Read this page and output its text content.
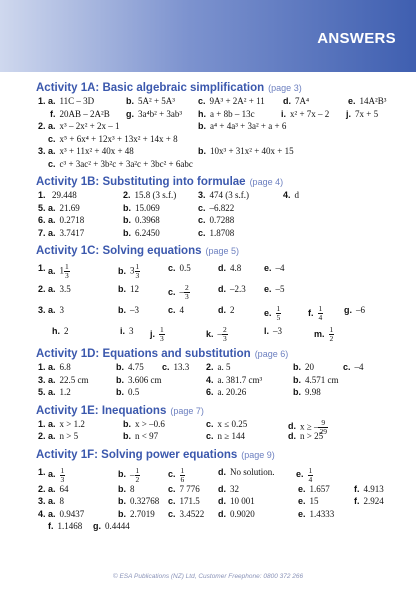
ANSWERS
Activity 1A: Basic algebraic simplification (page 3)
1. a. 11C – 3D	b. 5A² + 5A³	c. 9A³ + 2A² + 11 d. 7A⁴	e. 14A²B³
f. 20AB – 2A²B g. 3a⁴b² + 3ab³ h. a + 8b – 13c	i. x² + 7x – 2 j. 7x + 5
2. a. x³ – 2x² + 2x – 1	b. a⁴ + 4a³ + 3a² + a + 6
c. x⁵ + 6x⁴ + 12x³ + 13x² + 14x + 8
3. a. x³ + 11x² + 40x + 48	b. 10x³ + 31x² + 40x + 15
c. c³ + 3ac² + 3b²c + 3a²c + 3bc² + 6abc
Activity 1B: Substituting into formulae (page 4)
1. 29.448	2. 15.8 (3 s.f.) 3. 474 (3 s.f.)	4. d
5. a. 21.69	b. 15.069	c. –6.822
6. a. 0.2718	b. 0.3968	c. 0.7288
7. a. 3.7417	b. 6.2450	c. 1.8708
Activity 1C: Solving equations (page 5)
1. a. $1 \frac{1}{3}$	b. $3 \frac{1}{3}$	c. 0.5	d. 4.8	e. –4
2. a. 3.5	b. 12	c. – $\frac{2}{3}$	d. –2.3 e. –5
3. a. 3	b. –3	c. 4	d. 2	e. $\frac{1}{5}$	f. $\frac{1}{4} g$. –6
h. 2	i. 3 j. $\frac{1}{3}$	k. – $\frac{2}{3}$	l. –3	m. $\frac{1}{2}$
Activity 1D: Equations and substitution (page 6)
1. a. 6.8	b. 4.75 c. 13.3 2. a. 5	b. 20	c. –4
3. a. 22.5 cm	b. 3.606 cm	4. a. 381.7 cm³	b. 4.571 cm
5. a. 1.2	b. 0.5	6. a. 20.26	b. 9.98
Activity 1E: Inequations (page 7)
1. a. x > 1.2	b. x > –0.6	c. x ≤ 0.25	d. x ≥ – $\frac{9}{29}$
2. a. n > 5	b. n < 97	c. n ≥ 144	d. n > 25
Activity 1F: Solving power equations (page 9)
1. a. $\frac{1}{3}$	b. – $\frac{1}{2}$	c. $\frac{1}{6}$	d. No solution. e. $\frac{1}{4}$
2. a. 64	b. 8	c. 7 776 d. 32	e. 1.657	f. 4.913
3. a. 8	b. 0.32768 c. 171.5 d. 10 001	e. 15	f. 2.924
4. a. 0.9437	b. 2.7019 c. 3.4522 d. 0.9020	e. 1.4333
f. 1.1468 g. 0.4444
© ESA Publications (NZ) Ltd, Customer Freephone: 0800 372 266
